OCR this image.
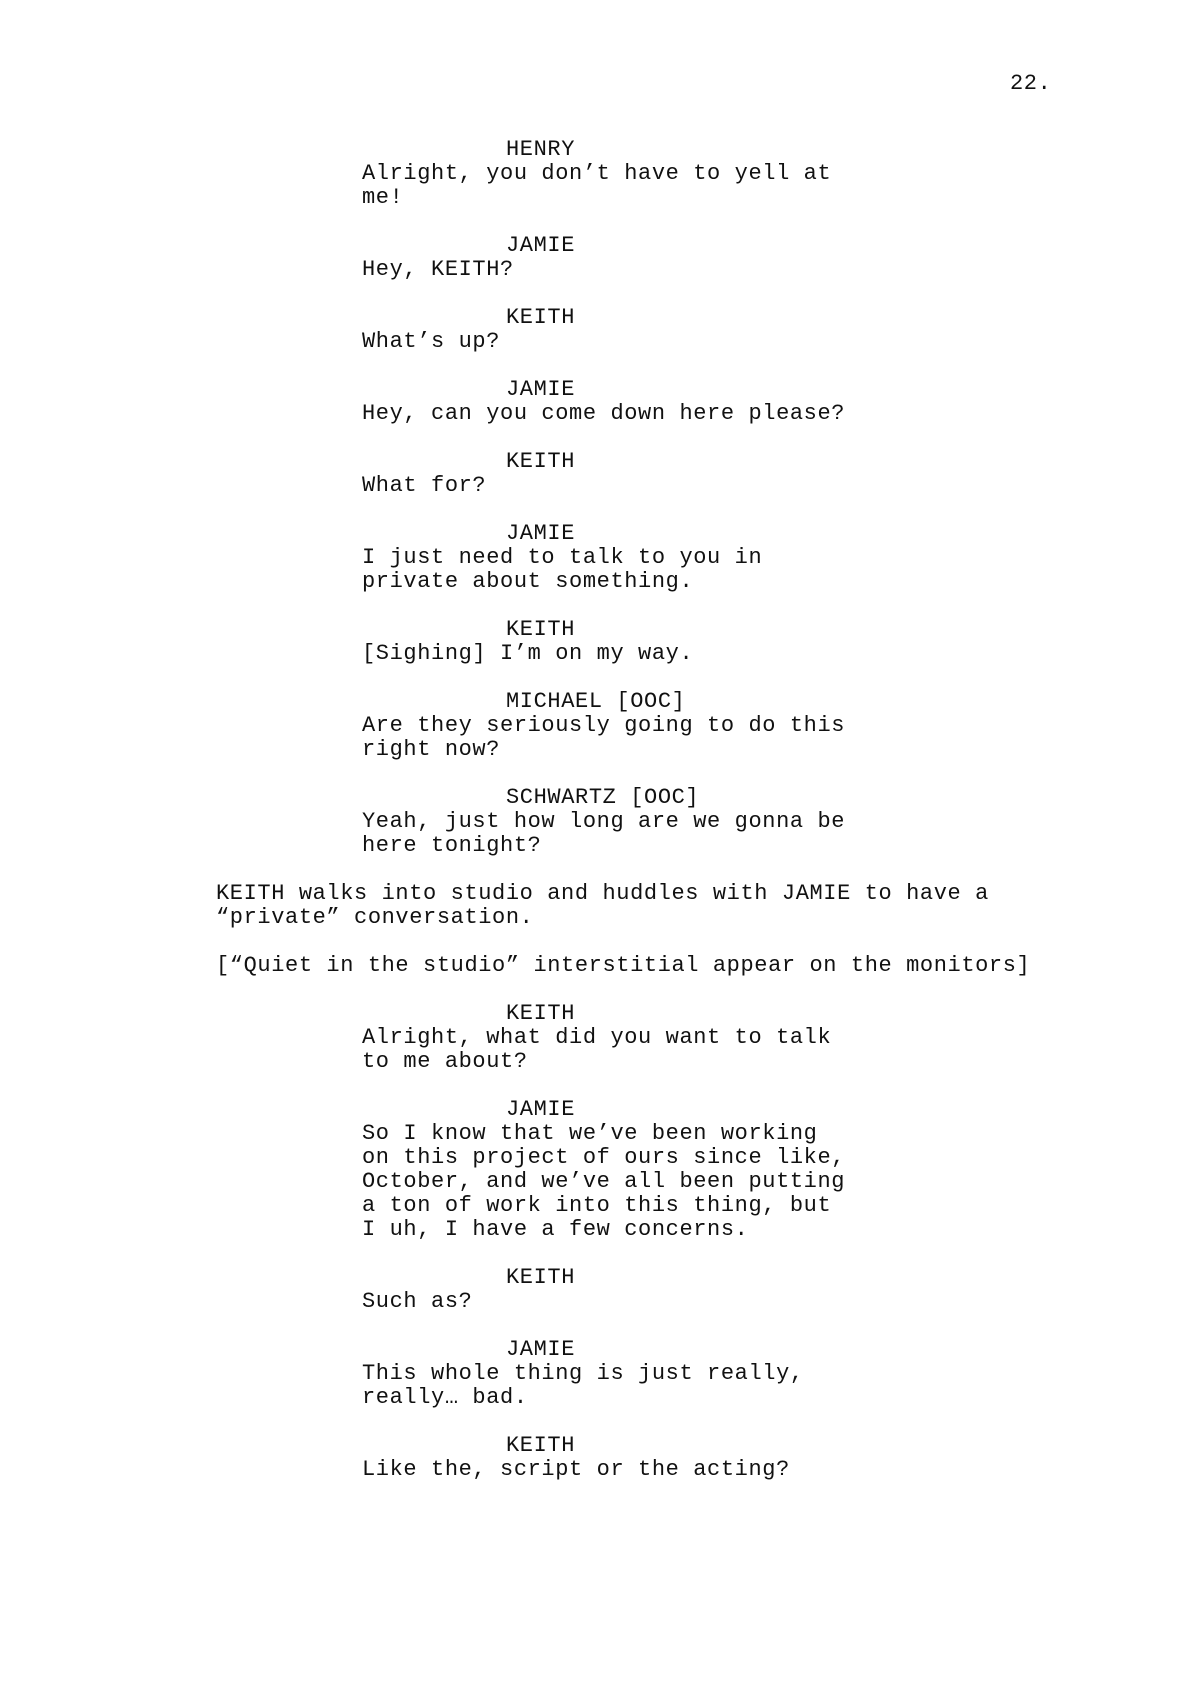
22.
HENRY
Alright, you don’t have to yell at
me!
JAMIE
Hey, KEITH?
KEITH
What’s up?
JAMIE
Hey, can you come down here please?
KEITH
What for?
JAMIE
I just need to talk to you in
private about something.
KEITH
[Sighing] I’m on my way.
MICHAEL [OOC]
Are they seriously going to do this
right now?
SCHWARTZ [OOC]
Yeah, just how long are we gonna be
here tonight?
KEITH walks into studio and huddles with JAMIE to have a
“private” conversation.
[“Quiet in the studio” interstitial appear on the monitors]
KEITH
Alright, what did you want to talk
to me about?
JAMIE
So I know that we’ve been working
on this project of ours since like,
October, and we’ve all been putting
a ton of work into this thing, but
I uh, I have a few concerns.
KEITH
Such as?
JAMIE
This whole thing is just really,
really… bad.
KEITH
Like the, script or the acting?
